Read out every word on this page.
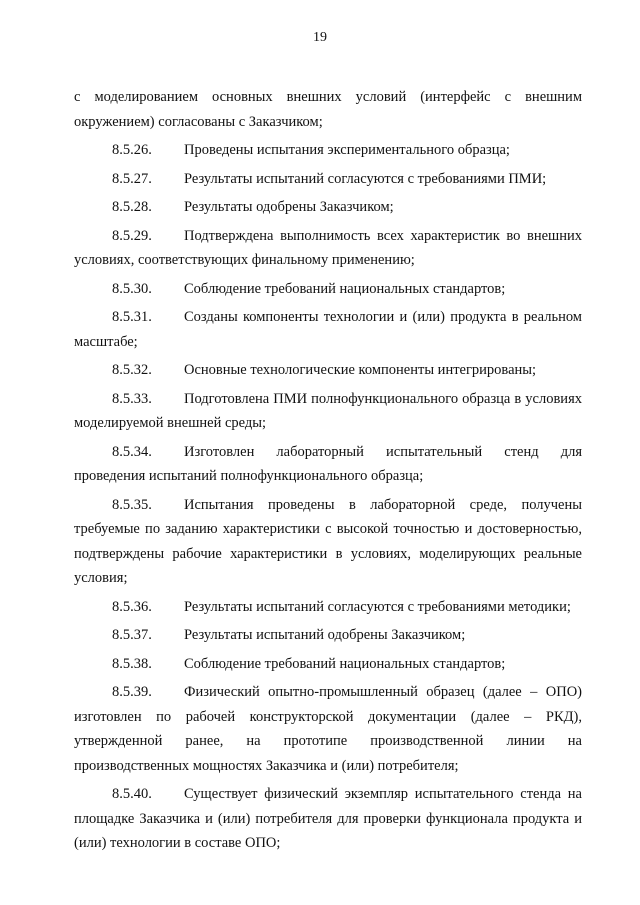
19

с моделированием основных внешних условий (интерфейс с внешним окружением) согласованы с Заказчиком;

8.5.26. Проведены испытания экспериментального образца;

8.5.27. Результаты испытаний согласуются с требованиями ПМИ;

8.5.28. Результаты одобрены Заказчиком;

8.5.29. Подтверждена выполнимость всех характеристик во внешних условиях, соответствующих финальному применению;

8.5.30. Соблюдение требований национальных стандартов;

8.5.31. Созданы компоненты технологии и (или) продукта в реальном масштабе;

8.5.32. Основные технологические компоненты интегрированы;

8.5.33. Подготовлена ПМИ полнофункционального образца в условиях моделируемой внешней среды;

8.5.34. Изготовлен лабораторный испытательный стенд для проведения испытаний полнофункционального образца;

8.5.35. Испытания проведены в лабораторной среде, получены требуемые по заданию характеристики с высокой точностью и достоверностью, подтверждены рабочие характеристики в условиях, моделирующих реальные условия;

8.5.36. Результаты испытаний согласуются с требованиями методики;

8.5.37. Результаты испытаний одобрены Заказчиком;

8.5.38. Соблюдение требований национальных стандартов;

8.5.39. Физический опытно-промышленный образец (далее – ОПО) изготовлен по рабочей конструкторской документации (далее – РКД), утвержденной ранее, на прототипе производственной линии на производственных мощностях Заказчика и (или) потребителя;

8.5.40. Существует физический экземпляр испытательного стенда на площадке Заказчика и (или) потребителя для проверки функционала продукта и (или) технологии в составе ОПО;
